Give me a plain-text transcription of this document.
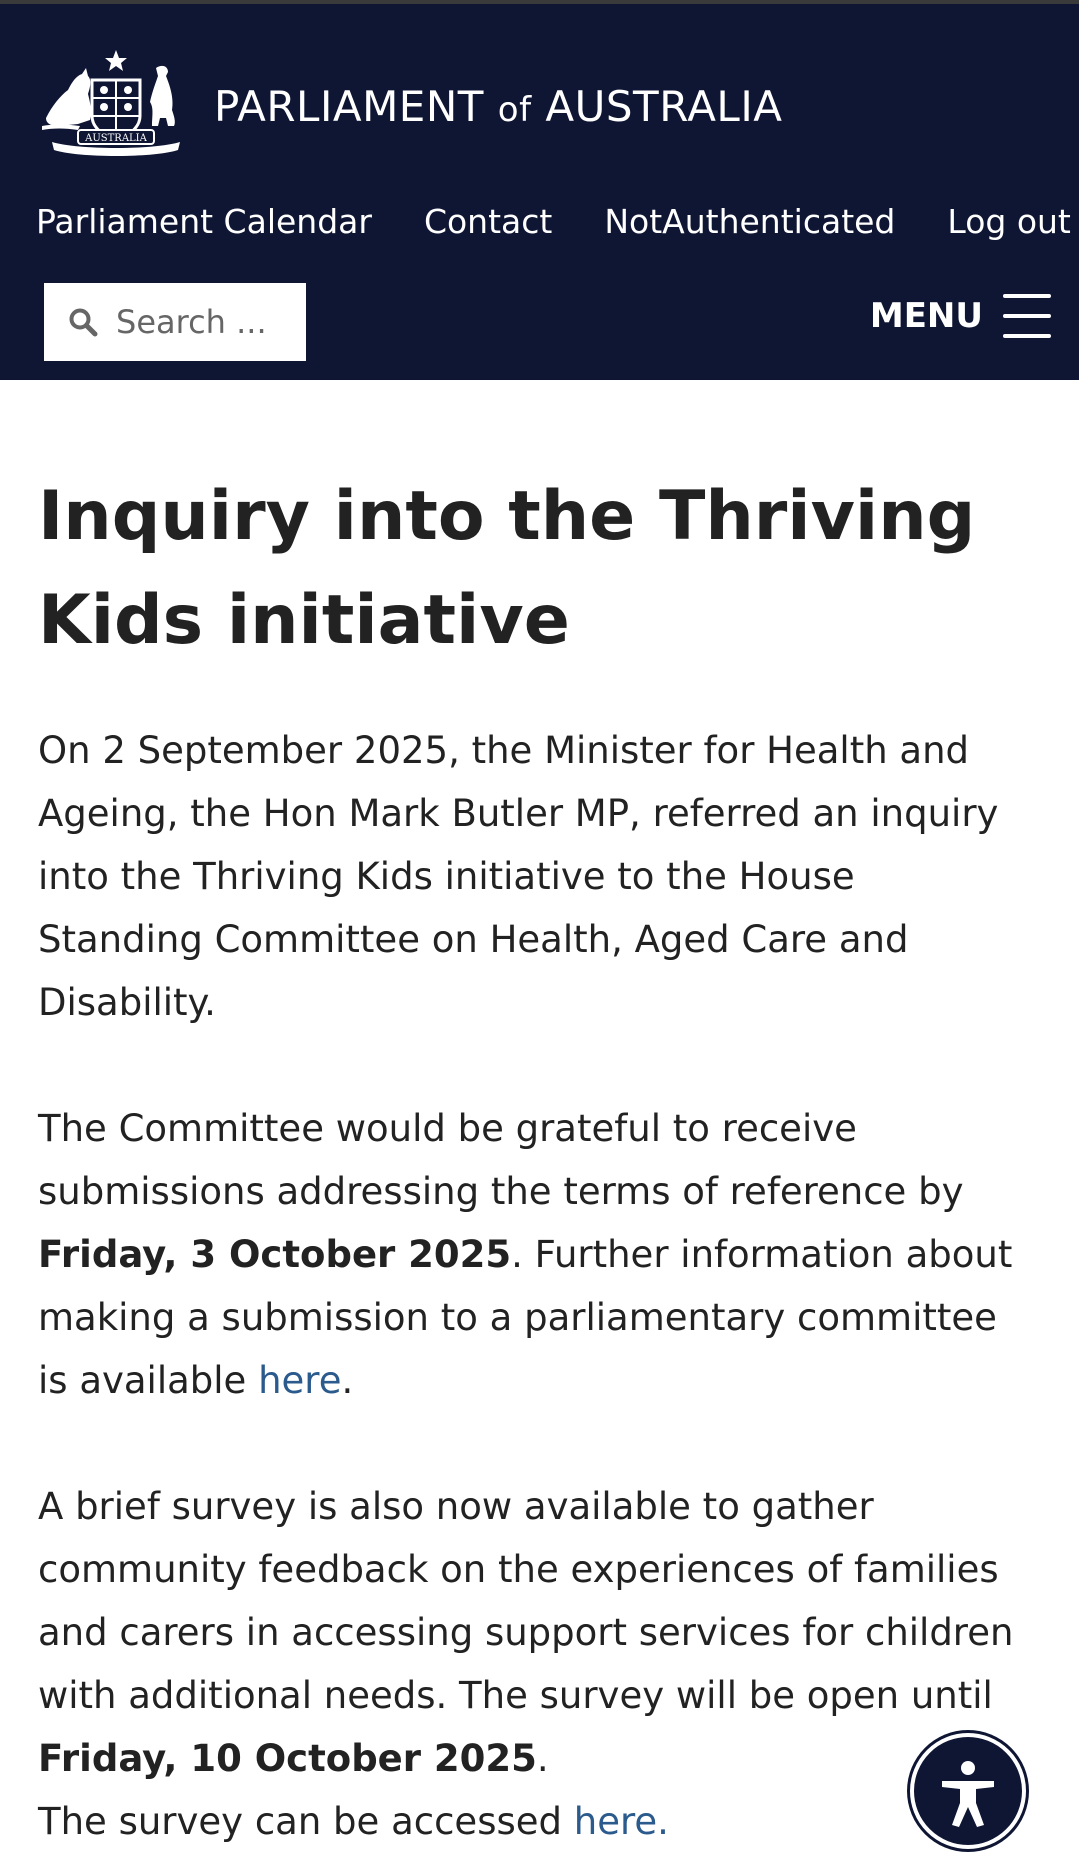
AUSTRALIA
PARLIAMENT of AUSTRALIA
Parliament Calendar Contact NotAuthenticated Log out
Search ...
MENU
Inquiry into the Thriving Kids initiative

On 2 September 2025, the Minister for Health and Ageing, the Hon Mark Butler MP, referred an inquiry into the Thriving Kids initiative to the House Standing Committee on Health, Aged Care and Disability.

The Committee would be grateful to receive submissions addressing the terms of reference by Friday, 3 October 2025. Further information about making a submission to a parliamentary committee is available here.

A brief survey is also now available to gather community feedback on the experiences of families and carers in accessing support services for children with additional needs. The survey will be open until Friday, 10 October 2025.
The survey can be accessed here.
